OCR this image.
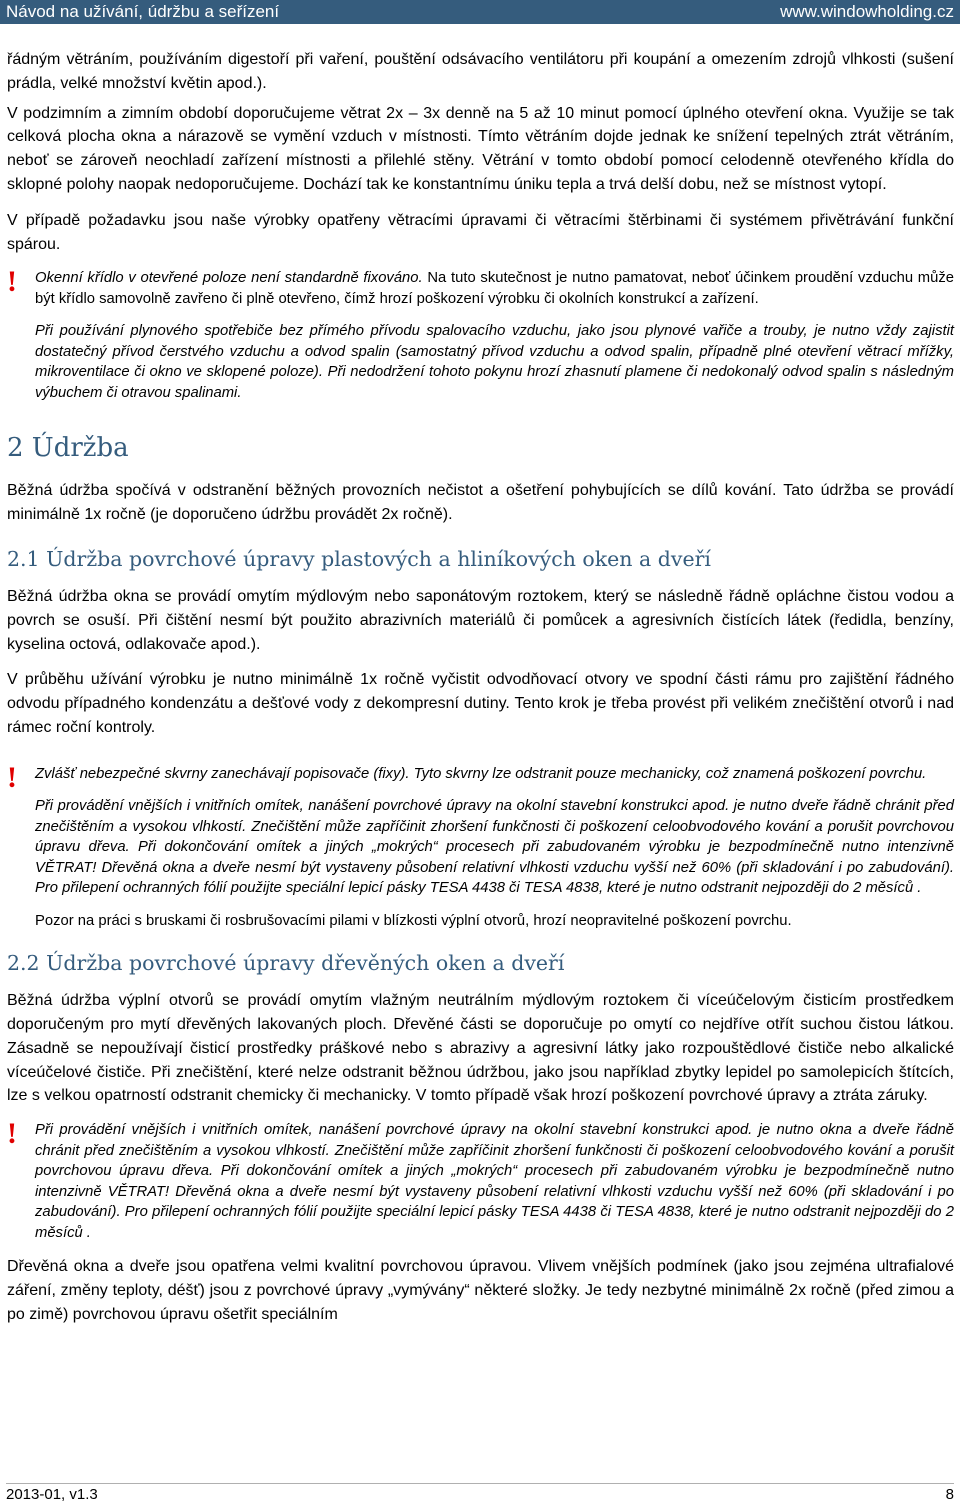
Návod na užívání, údržbu a seřízení	www.windowholding.cz

řádným větráním, používáním digestoří při vaření, pouštění odsávacího ventilátoru při koupání a omezením zdrojů vlhkosti (sušení prádla, velké množství květin apod.).

V podzimním a zimním období doporučujeme větrat 2x – 3x denně na 5 až 10 minut pomocí úplného otevření okna. Využije se tak celková plocha okna a nárazově se vymění vzduch v místnosti. Tímto větráním dojde jednak ke snížení tepelných ztrát větráním, neboť se zároveň neochladí zařízení místnosti a přilehlé stěny. Větrání v tomto období pomocí celodenně otevřeného křídla do sklopné polohy naopak nedoporučujeme. Dochází tak ke konstantnímu úniku tepla a trvá delší dobu, než se místnost vytopí.

V případě požadavku jsou naše výrobky opatřeny větracími úpravami či větracími štěrbinami či systémem přivětrávání funkční spárou.

!	Okenní křídlo v otevřené poloze není standardně fixováno. Na tuto skutečnost je nutno pamatovat, neboť účinkem proudění vzduchu může být křídlo samovolně zavřeno či plně otevřeno, čímž hrozí poškození výrobku či okolních konstrukcí a zařízení.

Při používání plynového spotřebiče bez přímého přívodu spalovacího vzduchu, jako jsou plynové vařiče a trouby, je nutno vždy zajistit dostatečný přívod čerstvého vzduchu a odvod spalin (samostatný přívod vzduchu a odvod spalin, případně plné otevření větrací mřížky, mikroventilace či okno ve sklopené poloze). Při nedodržení tohoto pokynu hrozí zhasnutí plamene či nedokonalý odvod spalin s následným výbuchem či otravou spalinami.

2 Údržba

Běžná údržba spočívá v odstranění běžných provozních nečistot a ošetření pohybujících se dílů kování. Tato údržba se provádí minimálně 1x ročně (je doporučeno údržbu provádět 2x ročně).

2.1 Údržba povrchové úpravy plastových a hliníkových oken a dveří

Běžná údržba okna se provádí omytím mýdlovým nebo saponátovým roztokem, který se následně řádně opláchne čistou vodou a povrch se osuší. Při čištění nesmí být použito abrazivních materiálů či pomůcek a agresivních čistících látek (ředidla, benzíny, kyselina octová, odlakovače apod.).

V průběhu užívání výrobku je nutno minimálně 1x ročně vyčistit odvodňovací otvory ve spodní části rámu pro zajištění řádného odvodu případného kondenzátu a dešťové vody z dekompresní dutiny. Tento krok je třeba provést při velikém znečištění otvorů i nad rámec roční kontroly.

!	Zvlášť nebezpečné skvrny zanechávají popisovače (fixy). Tyto skvrny lze odstranit pouze mechanicky, což znamená poškození povrchu.

Při provádění vnějších i vnitřních omítek, nanášení povrchové úpravy na okolní stavební konstrukci apod. je nutno dveře řádně chránit před znečištěním a vysokou vlhkostí. Znečištění může zapříčinit zhoršení funkčnosti či poškození celoobvodového kování a porušit povrchovou úpravu dřeva. Při dokončování omítek a jiných „mokrých“ procesech při zabudovaném výrobku je bezpodmínečně nutno intenzivně VĚTRAT! Dřevěná okna a dveře nesmí být vystaveny působení relativní vlhkosti vzduchu vyšší než 60% (při skladování i po zabudování). Pro přilepení ochranných fólií použijte speciální lepicí pásky TESA 4438 či TESA 4838, které je nutno odstranit nejpozději do 2 měsíců .

Pozor na práci s bruskami či rosbrušovacími pilami v blízkosti výplní otvorů, hrozí neopravitelné poškození povrchu.

2.2 Údržba povrchové úpravy dřevěných oken a dveří

Běžná údržba výplní otvorů se provádí omytím vlažným neutrálním mýdlovým roztokem či víceúčelovým čisticím prostředkem doporučeným pro mytí dřevěných lakovaných ploch. Dřevěné části se doporučuje po omytí co nejdříve otřít suchou čistou látkou. Zásadně se nepoužívají čisticí prostředky práškové nebo s abrazivy a agresivní látky jako rozpouštědlové čističe nebo alkalické víceúčelové čističe. Při znečištění, které nelze odstranit běžnou údržbou, jako jsou například zbytky lepidel po samolepicích štítcích, lze s velkou opatrností odstranit chemicky či mechanicky. V tomto případě však hrozí poškození povrchové úpravy a ztráta záruky.

!	Při provádění vnějších i vnitřních omítek, nanášení povrchové úpravy na okolní stavební konstrukci apod. je nutno okna a dveře řádně chránit před znečištěním a vysokou vlhkostí. Znečištění může zapříčinit zhoršení funkčnosti či poškození celoobvodového kování a porušit povrchovou úpravu dřeva. Při dokončování omítek a jiných „mokrých“ procesech při zabudovaném výrobku je bezpodmínečně nutno intenzivně VĚTRAT! Dřevěná okna a dveře nesmí být vystaveny působení relativní vlhkosti vzduchu vyšší než 60% (při skladování i po zabudování). Pro přilepení ochranných fólií použijte speciální lepicí pásky TESA 4438 či TESA 4838, které je nutno odstranit nejpozději do 2 měsíců .

Dřevěná okna a dveře jsou opatřena velmi kvalitní povrchovou úpravou. Vlivem vnějších podmínek (jako jsou zejména ultrafialové záření, změny teploty, déšť) jsou z povrchové úpravy „vymývány“ některé složky. Je tedy nezbytné minimálně 2x ročně (před zimou a po zimě) povrchovou úpravu ošetřit speciálním

2013-01, v1.3	8
